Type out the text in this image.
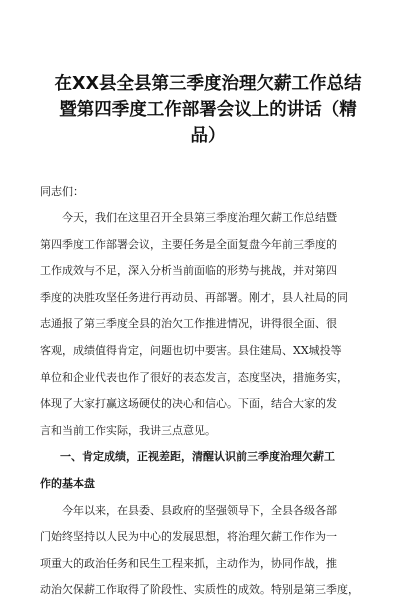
在XX县全县第三季度治理欠薪工作总结
暨第四季度工作部署会议上的讲话（精
品）

同志们：

今天，我们在这里召开全县第三季度治理欠薪工作总结暨
第四季度工作部署会议，主要任务是全面复盘今年前三季度的
工作成效与不足，深入分析当前面临的形势与挑战，并对第四
季度的决胜攻坚任务进行再动员、再部署。刚才，县人社局的同
志通报了第三季度全县的治欠工作推进情况，讲得很全面、很
客观，成绩值得肯定，问题也切中要害。县住建局、XX城投等
单位和企业代表也作了很好的表态发言，态度坚决，措施务实，
体现了大家打赢这场硬仗的决心和信心。下面，结合大家的发
言和当前工作实际，我讲三点意见。

一、肯定成绩，正视差距，清醒认识前三季度治理欠薪工
作的基本盘

今年以来，在县委、县政府的坚强领导下，全县各级各部
门始终坚持以人民为中心的发展思想，将治理欠薪工作作为一
项重大的政治任务和民生工程来抓，主动作为，协同作战，推
动治欠保薪工作取得了阶段性、实质性的成效。特别是第三季度，
